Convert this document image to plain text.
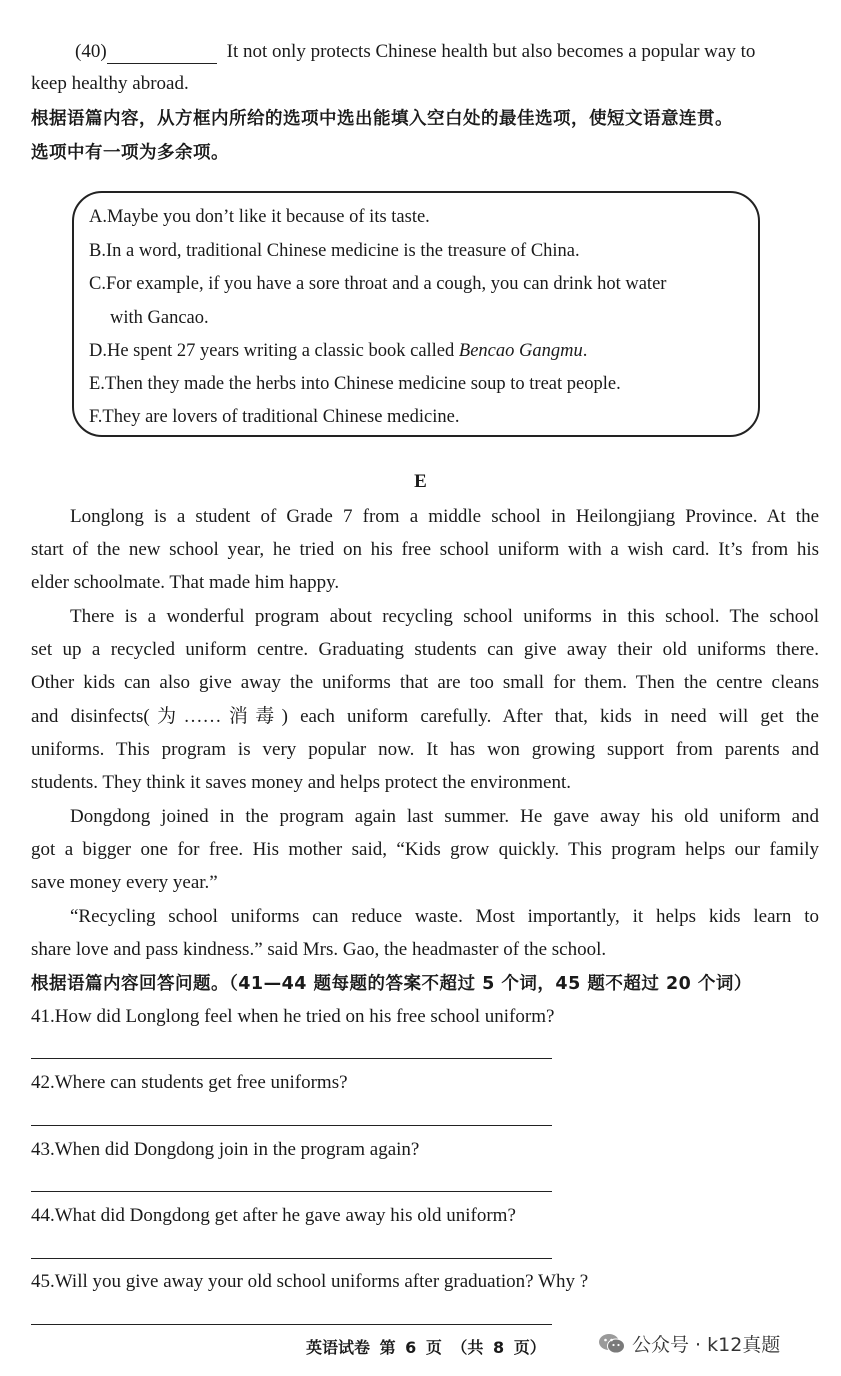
(40)	It not only protects Chinese health but also becomes a popular way to
keep healthy abroad.
根据语篇内容，从方框内所给的选项中选出能填入空白处的最佳选项，使短文语意连贯。
选项中有一项为多余项。
A.Maybe you don’t like it because of its taste.
B.In a word, traditional Chinese medicine is the treasure of China.
C.For example, if you have a sore throat and a cough, you can drink hot water
with Gancao.
D.He spent 27 years writing a classic book called Bencao Gangmu.
E.Then they made the herbs into Chinese medicine soup to treat people.
F.They are lovers of traditional Chinese medicine.
E
Longlong is a student of Grade 7 from a middle school in Heilongjiang Province. At the
start of the new school year, he tried on his free school uniform with a wish card. It’s from his
elder schoolmate. That made him happy.
There is a wonderful program about recycling school uniforms in this school. The school
set up a recycled uniform centre. Graduating students can give away their old uniforms there.
Other kids can also give away the uniforms that are too small for them. Then the centre cleans
and disinfects(为……消毒) each uniform carefully. After that, kids in need will get the
uniforms. This program is very popular now. It has won growing support from parents and
students. They think it saves money and helps protect the environment.
Dongdong joined in the program again last summer. He gave away his old uniform and
got a bigger one for free. His mother said, “Kids grow quickly. This program helps our family
save money every year.”
“Recycling school uniforms can reduce waste. Most importantly, it helps kids learn to
share love and pass kindness.” said Mrs. Gao, the headmaster of the school.
根据语篇内容回答问题。（41—44 题每题的答案不超过 5 个词，45 题不超过 20 个词）
41.How did Longlong feel when he tried on his free school uniform?
42.Where can students get free uniforms?
43.When did Dongdong join in the program again?
44.What did Dongdong get after he gave away his old uniform?
45.Will you give away your old school uniforms after graduation? Why ?
英语试卷 第 6 页 （共 8 页）	公众号 · k12真题
